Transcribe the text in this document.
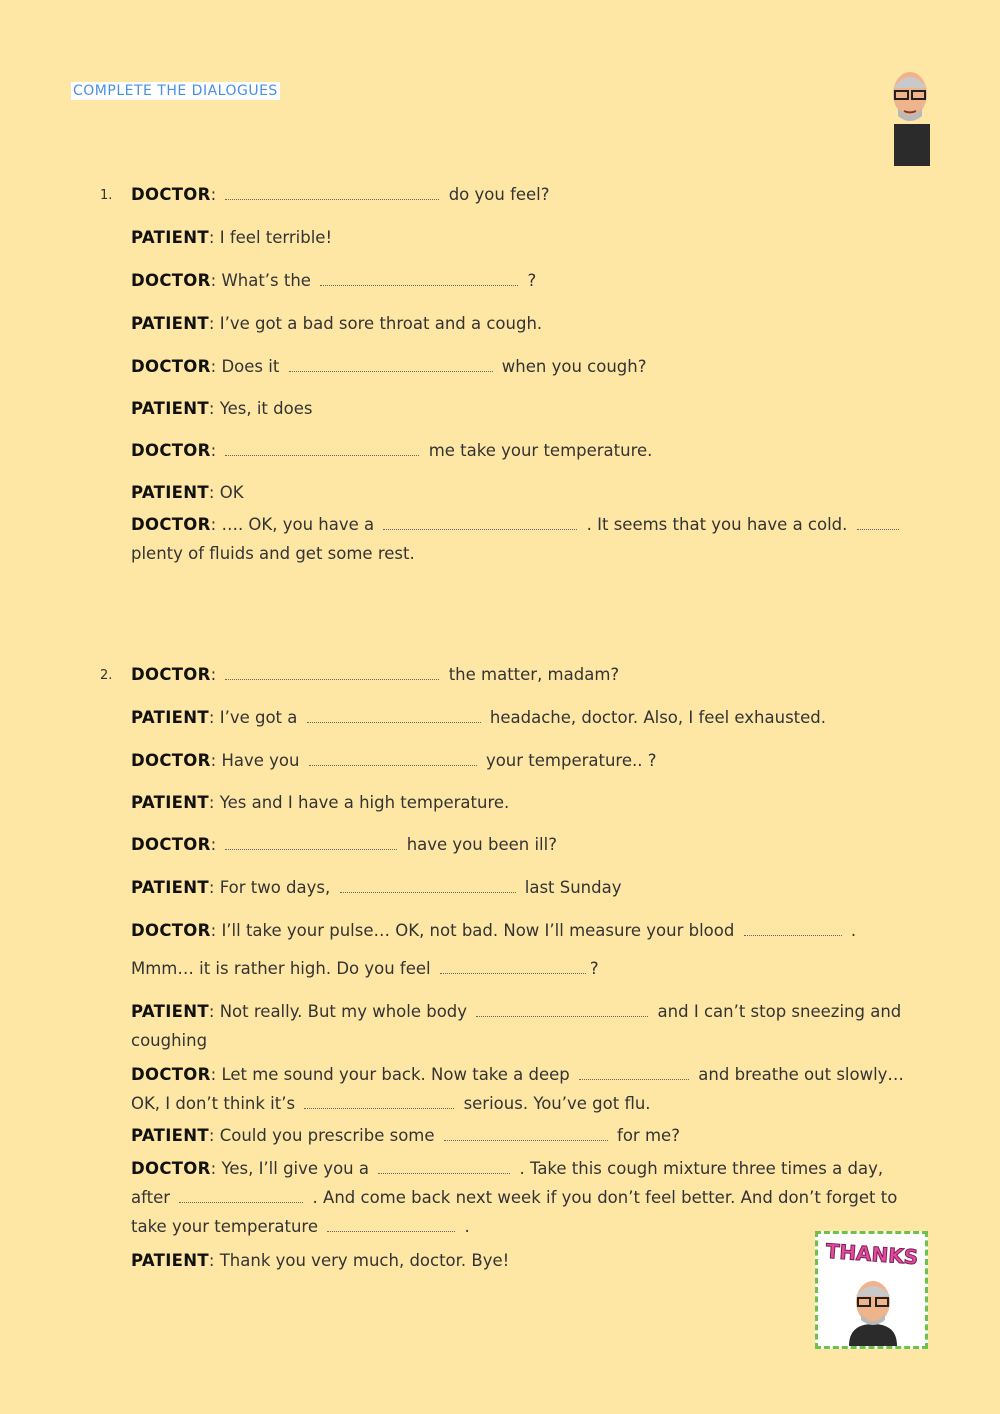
COMPLETE THE DIALOGUES
1. DOCTOR:	do you feel?
PATIENT: I feel terrible!
DOCTOR: What’s the	?
PATIENT: I’ve got a bad sore throat and a cough.
DOCTOR: Does it	when you cough?
PATIENT: Yes, it does
DOCTOR:	me take your temperature.
PATIENT: OK
DOCTOR: …. OK, you have a	. It seems that you have a cold.  plenty of fluids and get some rest.
2. DOCTOR:	the matter, madam?
PATIENT: I’ve got a	headache, doctor. Also, I feel exhausted.
DOCTOR: Have you	your temperature.. ?
PATIENT: Yes and I have a high temperature.
DOCTOR:	have you been ill?
PATIENT: For two days,	last Sunday
DOCTOR: I’ll take your pulse… OK, not bad. Now I’ll measure your blood	.
Mmm… it is rather high. Do you feel	?
PATIENT: Not really. But my whole body	and I can’t stop sneezing and coughing
DOCTOR: Let me sound your back. Now take a deep	and breathe out slowly… OK, I don’t think it’s	serious. You’ve got flu.
PATIENT: Could you prescribe some	for me?
DOCTOR: Yes, I’ll give you a	. Take this cough mixture three times a day, after	. And come back next week if you don’t feel better. And don’t forget to take your temperature	.
PATIENT: Thank you very much, doctor. Bye!	THANKS
